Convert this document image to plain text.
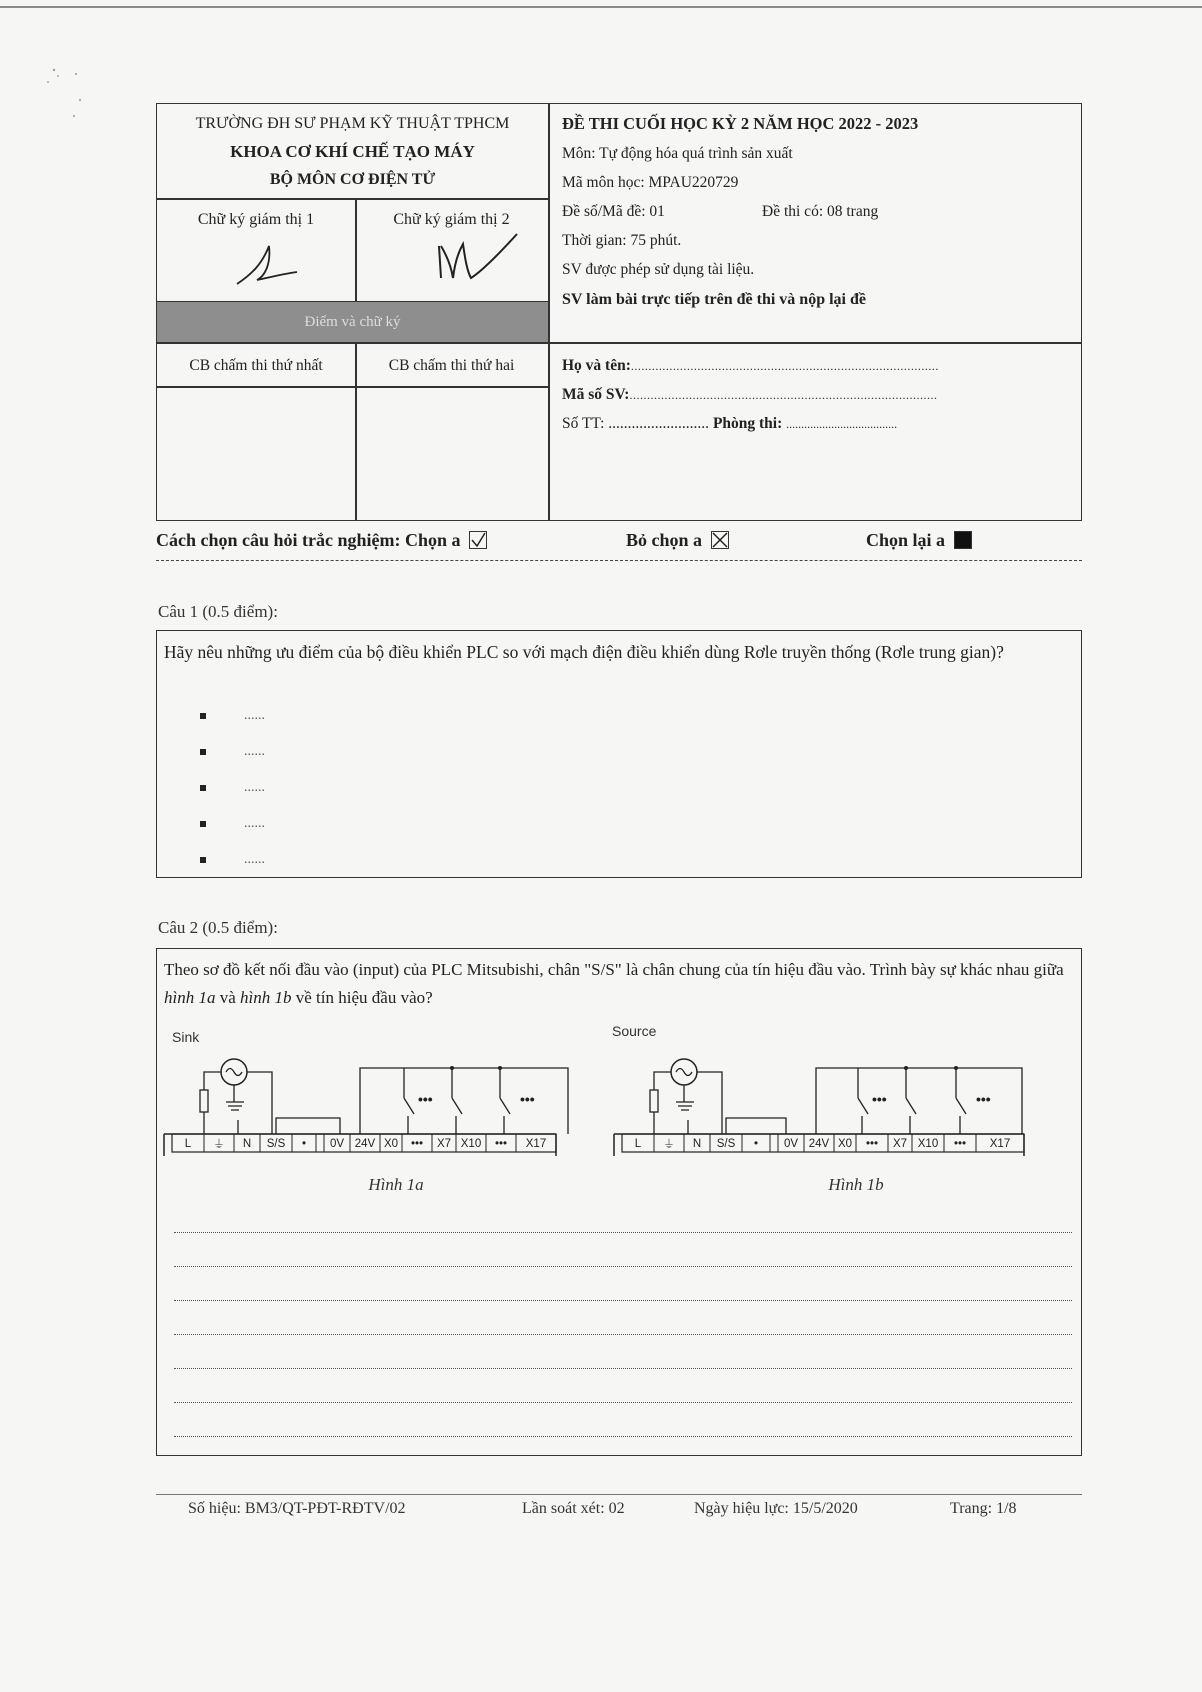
TRƯỜNG ĐH SƯ PHẠM KỸ THUẬT TPHCM
KHOA CƠ KHÍ CHẾ TẠO MÁY
BỘ MÔN CƠ ĐIỆN TỬ
Chữ ký giám thị 1	Chữ ký giám thị 2
Điểm và chữ ký
CB chấm thi thứ nhất	CB chấm thi thứ hai
ĐỀ THI CUỐI HỌC KỲ 2 NĂM HỌC 2022 - 2023
Môn: Tự động hóa quá trình sản xuất
Mã môn học: MPAU220729
Đề số/Mã đề: 01	Đề thi có: 08 trang
Thời gian: 75 phút.
SV được phép sử dụng tài liệu.
SV làm bài trực tiếp trên đề thi và nộp lại đề
Họ và tên:........................................................................................
Mã số SV:........................................................................................
Số TT: .......................... Phòng thi: .....................................
Cách chọn câu hỏi trắc nghiệm: Chọn a	Bỏ chọn a	Chọn lại a
Câu 1 (0.5 điểm):
Hãy nêu những ưu điểm của bộ điều khiển PLC so với mạch điện điều khiển dùng Rơle truyền thống (Rơle trung gian)?
......
......
......
......
......
Câu 2 (0.5 điểm):
Theo sơ đồ kết nối đầu vào (input) của PLC Mitsubishi, chân "S/S" là chân chung của tín hiệu đầu vào. Trình bày sự khác nhau giữa hình 1a và hình 1b về tín hiệu đầu vào?
Sink	Source
•••	•••
L ⏚ N S/S • 0V 24V X0 ••• X7 X10 ••• X17
Hình 1a
•••	•••
L ⏚ N S/S • 0V 24V X0 ••• X7 X10 ••• X17
Hình 1b
Số hiệu: BM3/QT-PĐT-RĐTV/02	Lần soát xét: 02	Ngày hiệu lực: 15/5/2020	Trang: 1/8
